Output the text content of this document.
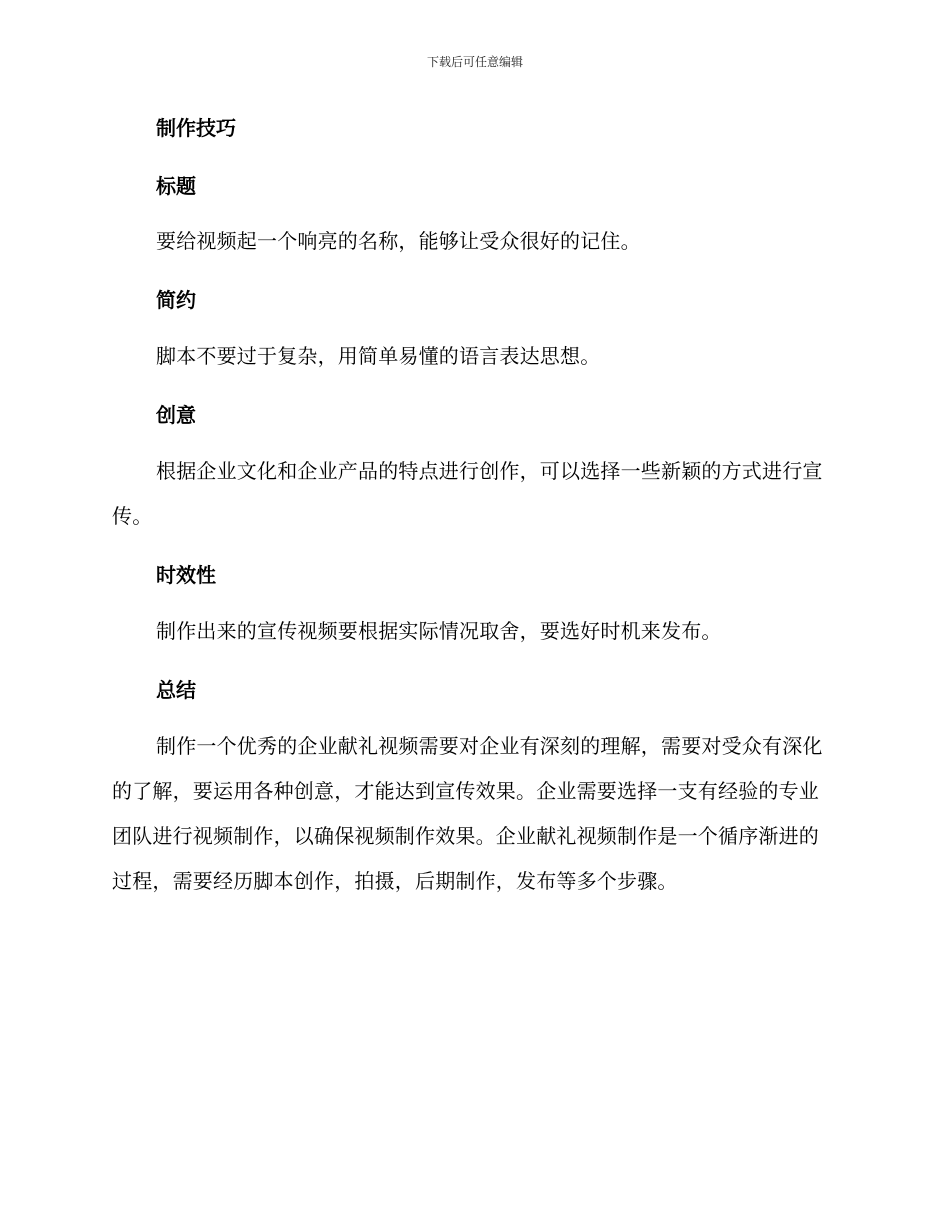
下载后可任意编辑
制作技巧
标题
要给视频起一个响亮的名称，能够让受众很好的记住。
简约
脚本不要过于复杂，用简单易懂的语言表达思想。
创意
根据企业文化和企业产品的特点进行创作，可以选择一些新颖的方式进行宣传。
时效性
制作出来的宣传视频要根据实际情况取舍，要选好时机来发布。
总结
制作一个优秀的企业献礼视频需要对企业有深刻的理解，需要对受众有深化的了解，要运用各种创意，才能达到宣传效果。企业需要选择一支有经验的专业团队进行视频制作，以确保视频制作效果。企业献礼视频制作是一个循序渐进的过程，需要经历脚本创作，拍摄，后期制作，发布等多个步骤。
